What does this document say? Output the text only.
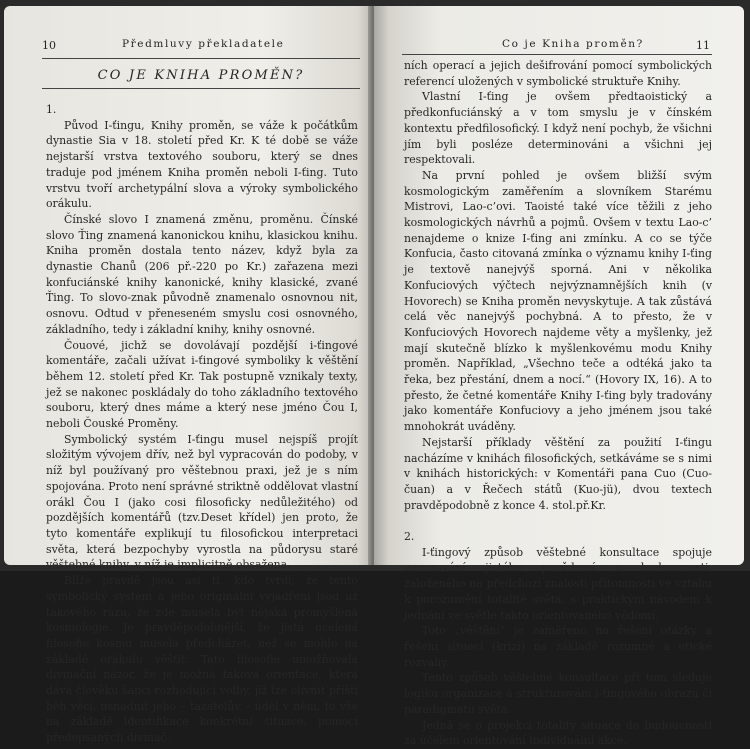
10	Předmluvy překladatele
CO JE KNIHA PROMĚN?

1.

Původ I-ťingu, Knihy proměn, se váže k počátkům dynastie Sia v 18. století před Kr. K té době se váže nejstarší vrstva textového souboru, který se dnes traduje pod jménem Kniha proměn neboli I-ťing. Tuto vrstvu tvoří archetypální slova a výroky symbolického orákulu.

Čínské slovo I znamená změnu, proměnu. Čínské slovo Ťing znamená kanonickou knihu, klasickou knihu. Kniha proměn dostala tento název, když byla za dynastie Chanů (206 př.-220 po Kr.) zařazena mezi konfuciánské knihy kanonické, knihy klasické, zvané Ťing. To slovo-znak původně znamenalo osnovnou nit, osnovu. Odtud v přeneseném smyslu cosi osnovného, základního, tedy i základní knihy, knihy osnovné.

Čouové, jichž se dovolávají pozdější i-ťingové komentáře, začali užívat i-ťingové symboliky k věštění během 12. století před Kr. Tak postupně vznikaly texty, jež se nakonec poskládaly do toho základního textového souboru, který dnes máme a který nese jméno Čou I, neboli Čouské Proměny.

Symbolický systém I-ťingu musel nejspíš projít složitým vývojem dřív, než byl vypracován do podoby, v níž byl používaný pro věštebnou praxi, jež je s ním spojována. Proto není správné striktně oddělovat vlastní orákl Čou I (jako cosi filosoficky nedůležitého) od pozdějších komentářů (tzv.Deset křídel) jen proto, že tyto komentáře explikují tu filosofickou interpretaci světa, která bezpochyby vyrostla na půdorysu staré věštebné knihy, v níž je implicitně obsažena.

Blíže pravdě jsou asi ti, kdo tvrdí, že tento symbolický systém a jeho originální vyjádření jsou už takového rázu, že zde musela být nějaká promyšlená kosmologie. Je pravděpodobnější, že jistá ucelená filosofie kosmu musela předcházet, než se mohlo na základě orákulu věštit. Tato filosofie umožňovala divinační názor, že je možná taková orientace, která dává člověku šanci rozhodující volby, jíž lze olivnit příští běh věcí, usnadnit jeho – tazatelův – úděl v něm, to vše na základě identifikace konkrétní situace, pomocí předepsaných divinač-

Co je Kniha proměn?	11

ních operací a jejich dešifrování pomocí symbolických referencí uložených v symbolické struktuře Knihy.

Vlastní I-ťing je ovšem předtaoistický a předkonfuciánský a v tom smyslu je v čínském kontextu předfilosofický. I když není pochyb, že všichni jím byli posléze determinováni a všichni jej respektovali.

Na první pohled je ovšem bližší svým kosmologickým zaměřením a slovníkem Starému Mistrovi, Lao-c’ovi. Taoisté také více těžili z jeho kosmologických návrhů a pojmů. Ovšem v textu Lao-c’ nenajdeme o knize I-ťing ani zmínku. A co se týče Konfucia, často citovaná zmínka o významu knihy I-ťing je textově nanejvýš sporná. Ani v několika Konfuciových výčtech nejvýznamnějších knih (v Hovorech) se Kniha proměn nevyskytuje. A tak zůstává celá věc nanejvýš pochybná. A to přesto, že v Konfuciových Hovorech najdeme věty a myšlenky, jež mají skutečně blízko k myšlenkovému modu Knihy proměn. Například, „Všechno teče a odtéká jako ta řeka, bez přestání, dnem a nocí.“ (Hovory IX, 16). A to přesto, že četné komentáře Knihy I-ťing byly tradovány jako komentáře Konfuciovy a jeho jménem jsou také mnohokrát uváděny.

Nejstarší příklady věštění za použití I-ťingu nacházíme v knihách filosofických, setkáváme se s nimi v knihách historických: v Komentáři pana Cuo (Cuo-čuan) a v Řečech států (Kuo-jü), dvou textech pravděpodobně z konce 4. stol.př.Kr.

2.

I-ťingový způsob věštebné konsultace spojuje navozování jistého povědomí o budoucnosti, založeného na předchozí znalosti přítomnosti ve vztahu k porozumění totalitě světa, s praktickým návodem k jednání ve světle takto orientovaného vědomí.

Toto „věštění“ je zaměřeno na řešení otázky a řešení situací (krizí) na základě rozumné a etické rozvahy.

Tento způsob věštebné konsultace při tom sleduje logiku organizace a strukturování i-ťingového obrazu či paradigmatu světa.

Jedná se o projekci totality situace do budoucnosti za účelem orientování individuální akce.
